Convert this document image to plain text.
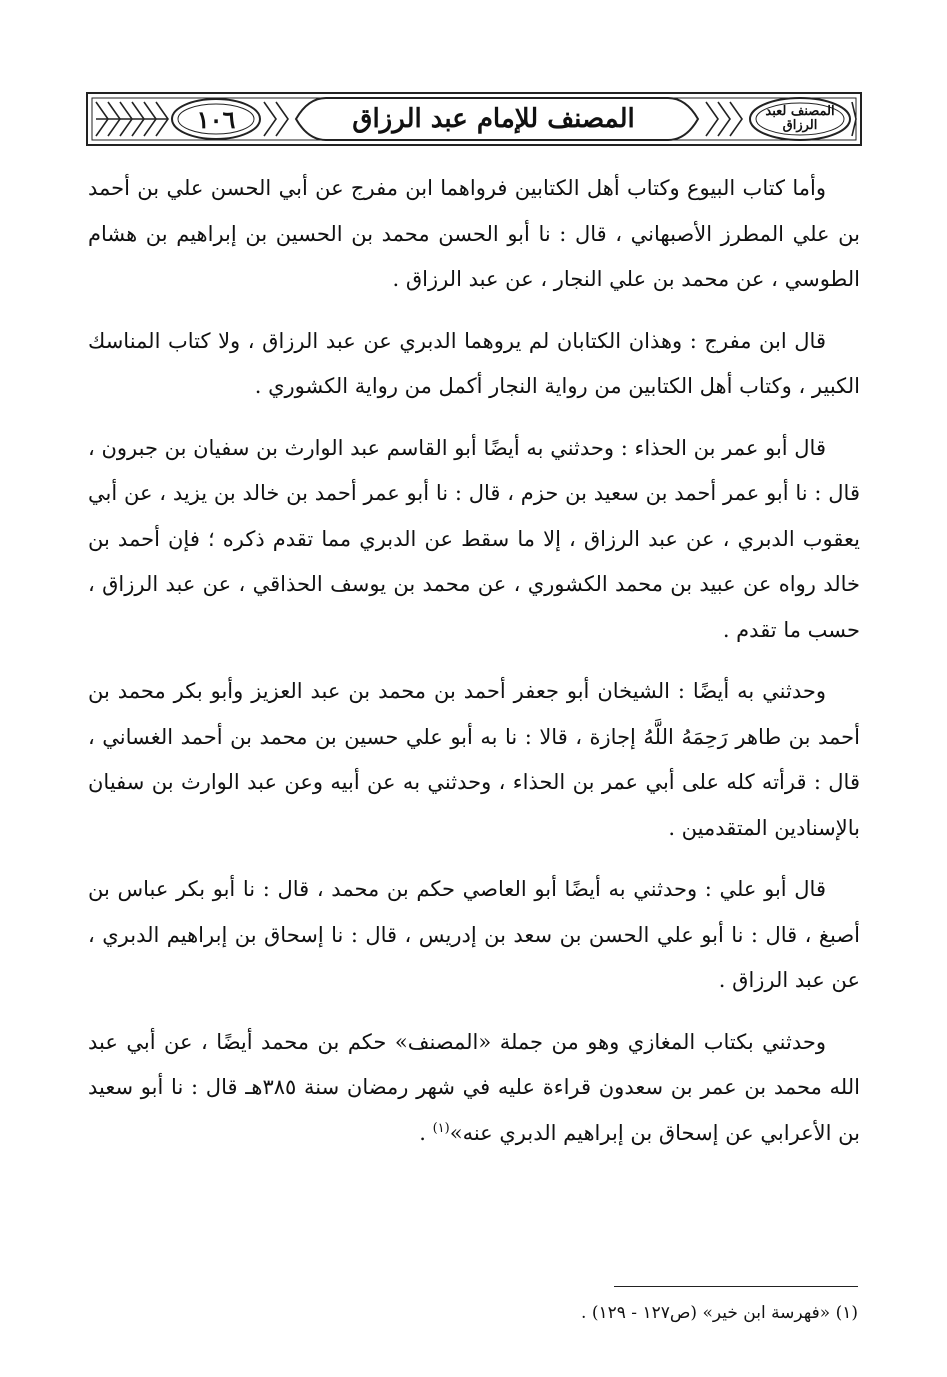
١٠٦	المصنف للإمام عبد الرزاق	المصنف لعبد الرزاق

وأما كتاب البيوع وكتاب أهل الكتابين فرواهما ابن مفرج عن أبي الحسن علي بن أحمد بن علي المطرز الأصبهاني ، قال : نا أبو الحسن محمد بن الحسين بن إبراهيم بن هشام الطوسي ، عن محمد بن علي النجار ، عن عبد الرزاق .

قال ابن مفرج : وهذان الكتابان لم يروهما الدبري عن عبد الرزاق ، ولا كتاب المناسك الكبير ، وكتاب أهل الكتابين من رواية النجار أكمل من رواية الكشوري .

قال أبو عمر بن الحذاء : وحدثني به أيضًا أبو القاسم عبد الوارث بن سفيان بن جبرون ، قال : نا أبو عمر أحمد بن سعيد بن حزم ، قال : نا أبو عمر أحمد بن خالد بن يزيد ، عن أبي يعقوب الدبري ، عن عبد الرزاق ، إلا ما سقط عن الدبري مما تقدم ذكره ؛ فإن أحمد بن خالد رواه عن عبيد بن محمد الكشوري ، عن محمد بن يوسف الحذاقي ، عن عبد الرزاق ، حسب ما تقدم .

وحدثني به أيضًا : الشيخان أبو جعفر أحمد بن محمد بن عبد العزيز وأبو بكر محمد بن أحمد بن طاهر رَحِمَهُ اللَّهُ إجازة ، قالا : نا به أبو علي حسين بن محمد بن أحمد الغساني ، قال : قرأته كله على أبي عمر بن الحذاء ، وحدثني به عن أبيه وعن عبد الوارث بن سفيان بالإسنادين المتقدمين .

قال أبو علي : وحدثني به أيضًا أبو العاصي حكم بن محمد ، قال : نا أبو بكر عباس بن أصبغ ، قال : نا أبو علي الحسن بن سعد بن إدريس ، قال : نا إسحاق بن إبراهيم الدبري ، عن عبد الرزاق .

وحدثني بكتاب المغازي وهو من جملة «المصنف» حكم بن محمد أيضًا ، عن أبي عبد الله محمد بن عمر بن سعدون قراءة عليه في شهر رمضان سنة ٣٨٥هـ قال : نا أبو سعيد بن الأعرابي عن إسحاق بن إبراهيم الدبري عنه»$^{(١)}$ .

(١) «فهرسة ابن خير» (ص١٢٧ - ١٢٩) .
